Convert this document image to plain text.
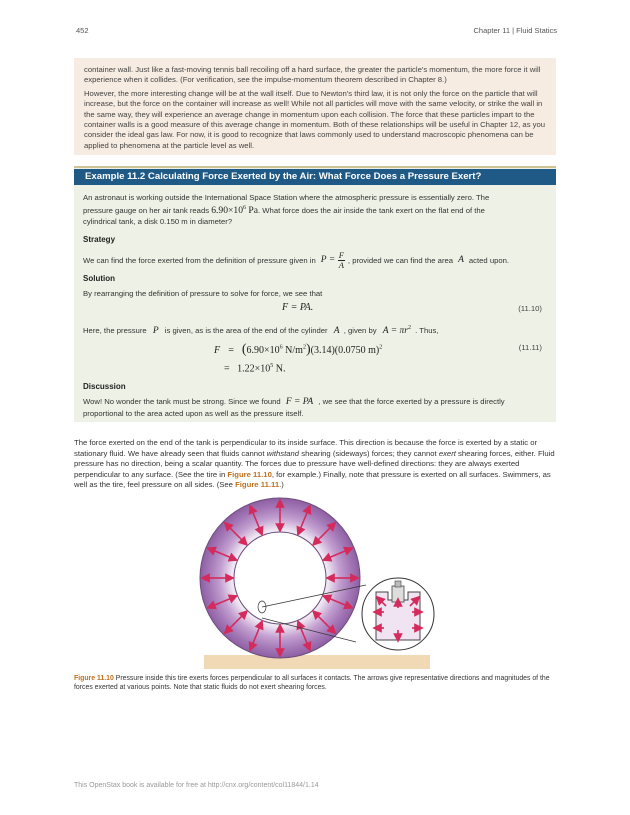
452	Chapter 11 | Fluid Statics

container wall. Just like a fast-moving tennis ball recoiling off a hard surface, the greater the particle's momentum, the more force it will experience when it collides. (For verification, see the impulse-momentum theorem described in Chapter 8.)

However, the more interesting change will be at the wall itself. Due to Newton's third law, it is not only the force on the particle that will increase, but the force on the container will increase as well! While not all particles will move with the same velocity, or strike the wall in the same way, they will experience an average change in momentum upon each collision. The force that these particles impart to the container walls is a good measure of this average change in momentum. Both of these relationships will be useful in Chapter 12, as you consider the ideal gas law. For now, it is good to recognize that laws commonly used to understand macroscopic phenomena can be applied to phenomena at the particle level as well.

Example 11.2 Calculating Force Exerted by the Air: What Force Does a Pressure Exert?
An astronaut is working outside the International Space Station where the atmospheric pressure is essentially zero. The
pressure gauge on her air tank reads $6.90\times 10^6$ Pa. What force does the air inside the tank exert on the flat end of the
cylindrical tank, a disk 0.150 m in diameter?
Strategy
We can find the force exerted from the definition of pressure given in P = F
A , provided we can find the area A acted upon.
Solution
By rearranging the definition of pressure to solve for force, we see that
F = PA.	(11.10)
Here, the pressure P is given, as is the area of the end of the cylinder A , given by $A = \pi r^2$ . Thus,
$F = (6.90\times 10^6$ $N/m^2)(3.14)(0.0750$ m)$^2$	(11.11)
=   $1.22\times 10^5$ N.
Discussion
Wow! No wonder the tank must be strong. Since we found F = PA , we see that the force exerted by a pressure is directly
proportional to the area acted upon as well as the pressure itself.
The force exerted on the end of the tank is perpendicular to its inside surface. This direction is because the force is exerted by a static or stationary fluid. We have already seen that fluids cannot withstand shearing (sideways) forces; they cannot exert shearing forces, either. Fluid pressure has no direction, being a scalar quantity. The forces due to pressure have well-defined directions: they are always exerted perpendicular to any surface. (See the tire in Figure 11.10, for example.) Finally, note that pressure is exerted on all surfaces. Swimmers, as well as the tire, feel pressure on all sides. (See Figure 11.11.)
Figure 11.10 Pressure inside this tire exerts forces perpendicular to all surfaces it contacts. The arrows give representative directions and magnitudes of the forces exerted at various points. Note that static fluids do not exert shearing forces.
This OpenStax book is available for free at http://cnx.org/content/col11844/1.14
